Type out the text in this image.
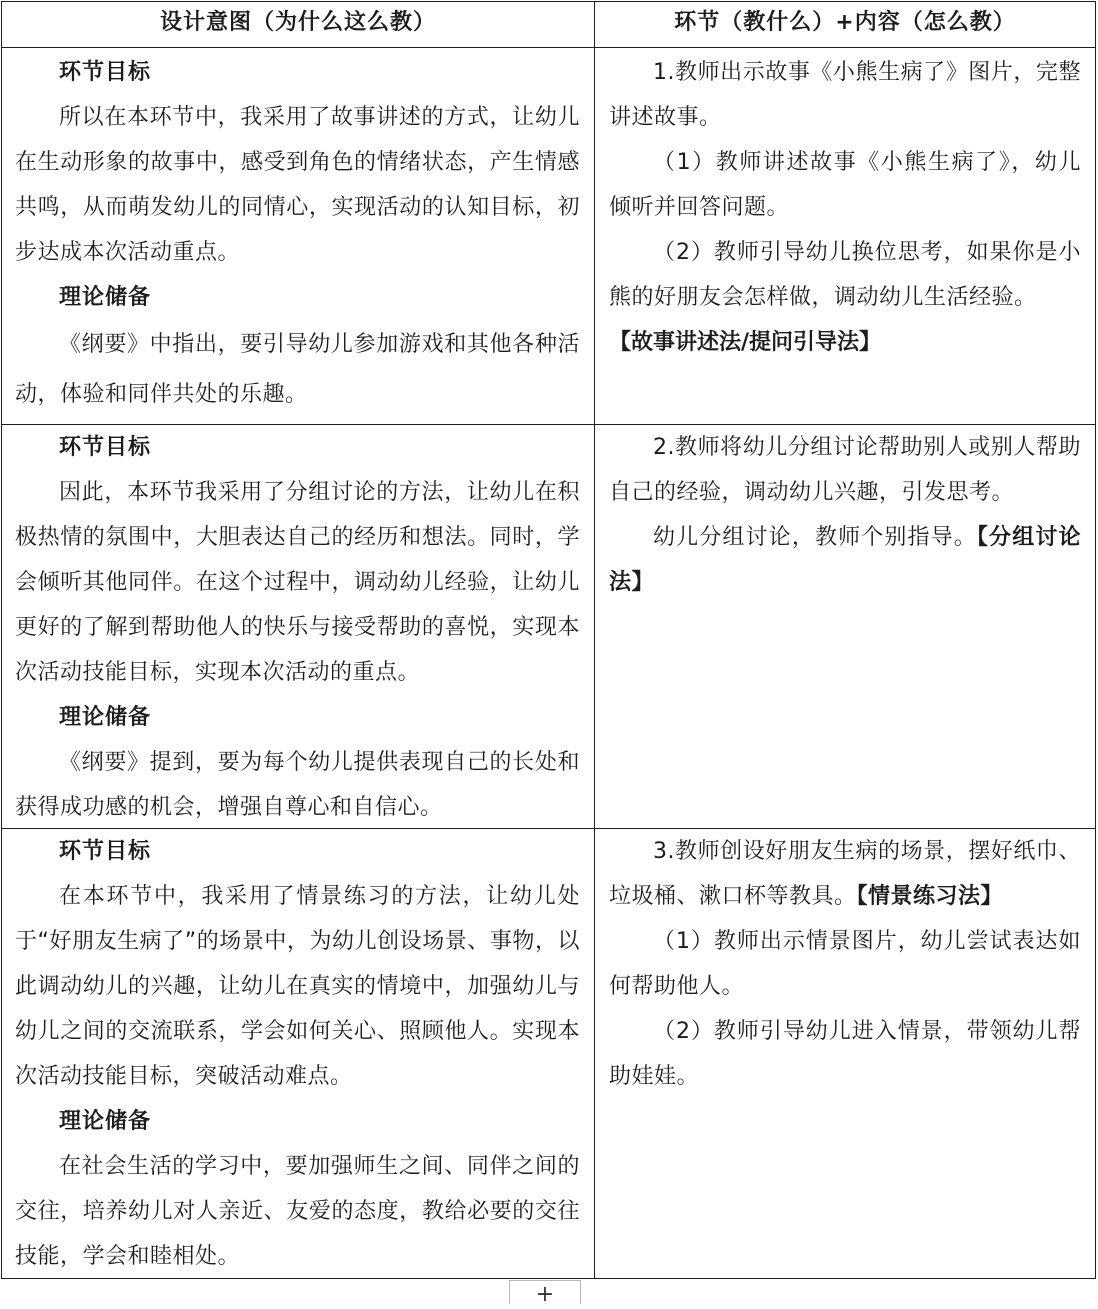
设计意图（为什么这么教）	环节（教什么）+内容（怎么教）

环节目标

所以在本环节中，我采用了故事讲述的方式，让幼儿在生动形象的故事中，感受到角色的情绪状态，产生情感共鸣，从而萌发幼儿的同情心，实现活动的认知目标，初步达成本次活动重点。

理论储备

《纲要》中指出，要引导幼儿参加游戏和其他各种活动，体验和同伴共处的乐趣。

1.教师出示故事《小熊生病了》图片，完整讲述故事。

（1）教师讲述故事《小熊生病了》，幼儿倾听并回答问题。

（2）教师引导幼儿换位思考，如果你是小熊的好朋友会怎样做，调动幼儿生活经验。

【故事讲述法/提问引导法】

环节目标

因此，本环节我采用了分组讨论的方法，让幼儿在积极热情的氛围中，大胆表达自己的经历和想法。同时，学会倾听其他同伴。在这个过程中，调动幼儿经验，让幼儿更好的了解到帮助他人的快乐与接受帮助的喜悦，实现本次活动技能目标，实现本次活动的重点。

理论储备

《纲要》提到，要为每个幼儿提供表现自己的长处和获得成功感的机会，增强自尊心和自信心。

2.教师将幼儿分组讨论帮助别人或别人帮助自己的经验，调动幼儿兴趣，引发思考。

幼儿分组讨论，教师个别指导。【分组讨论法】

环节目标

在本环节中，我采用了情景练习的方法，让幼儿处于“好朋友生病了”的场景中，为幼儿创设场景、事物，以此调动幼儿的兴趣，让幼儿在真实的情境中，加强幼儿与幼儿之间的交流联系，学会如何关心、照顾他人。实现本次活动技能目标，突破活动难点。

理论储备

在社会生活的学习中，要加强师生之间、同伴之间的交往，培养幼儿对人亲近、友爱的态度，教给必要的交往技能，学会和睦相处。

3.教师创设好朋友生病的场景，摆好纸巾、垃圾桶、漱口杯等教具。【情景练习法】

（1）教师出示情景图片，幼儿尝试表达如何帮助他人。

（2）教师引导幼儿进入情景，带领幼儿帮助娃娃。

+
